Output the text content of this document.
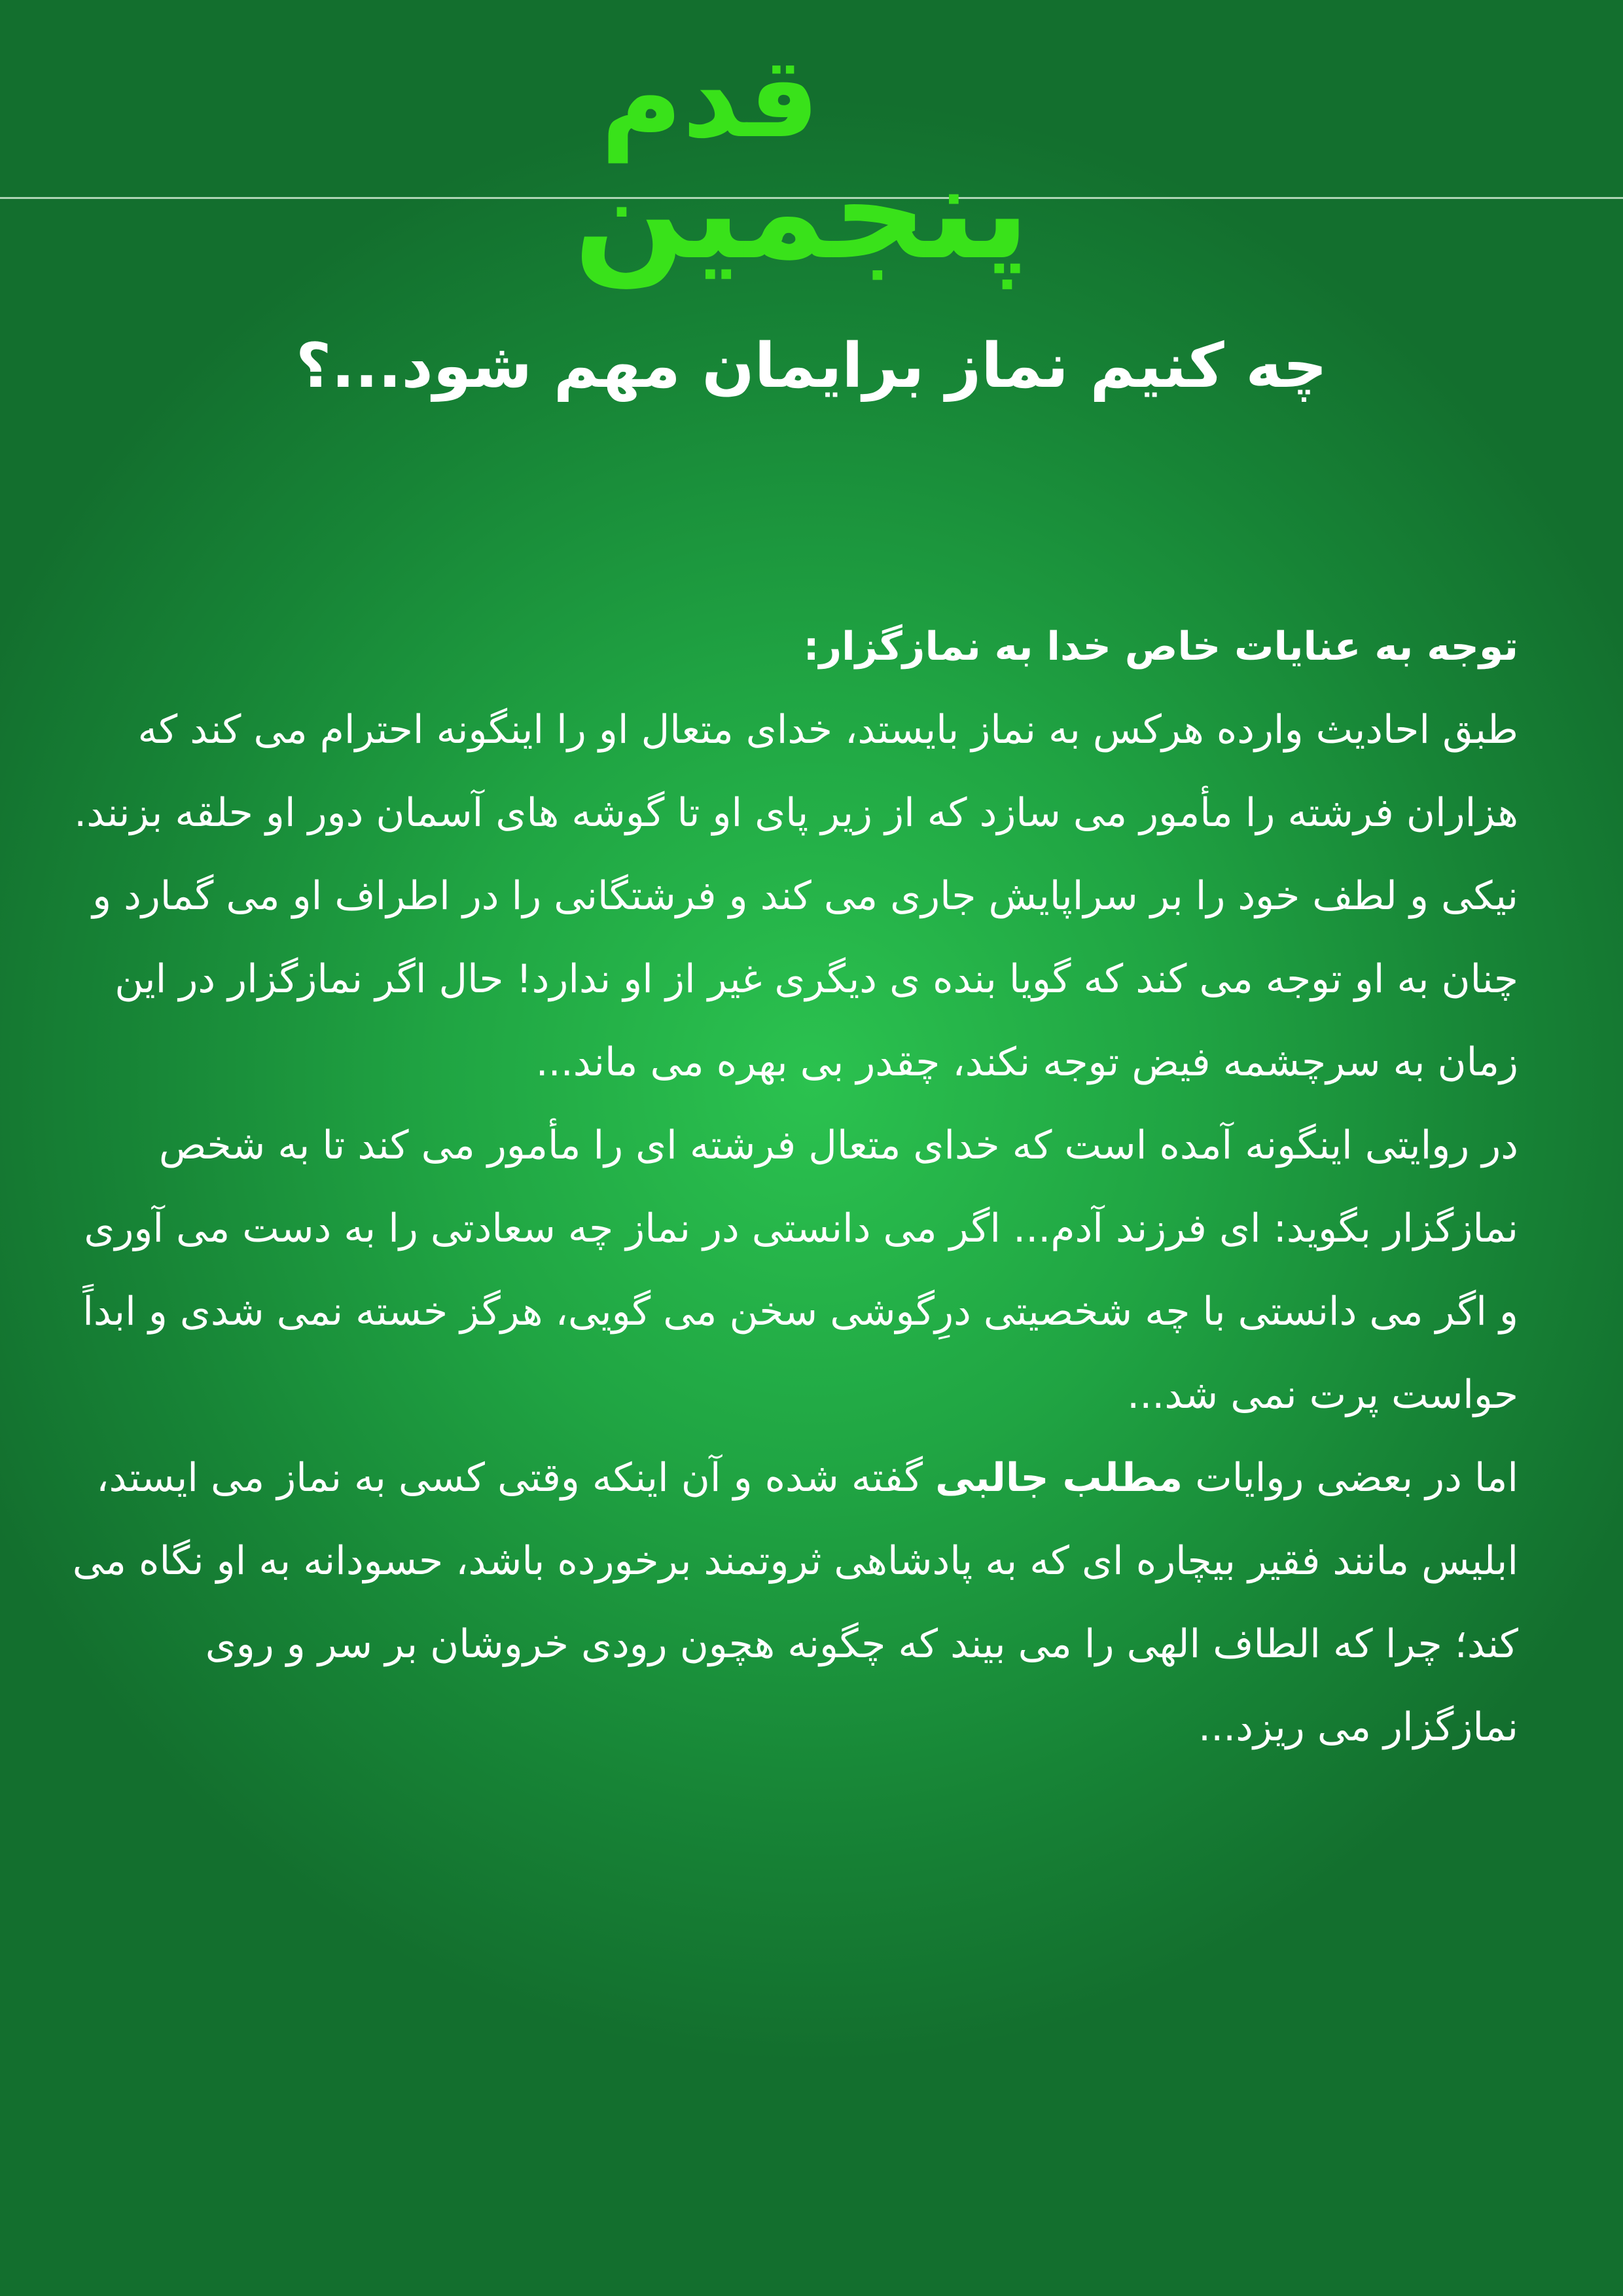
قدم
پنجمین
چه کنیم نماز برایمان مهم شود...؟
توجه به عنایات خاص خدا به نمازگزار:
طبق احادیث وارده هرکس به نماز بایستد، خدای متعال او را اینگونه احترام می کند که هزاران فرشته را مأمور می سازد که از زیر پای او تا گوشه های آسمان دور او حلقه بزنند. نیکی و لطف خود را بر سراپایش جاری می کند و فرشتگانی را در اطراف او می گمارد و چنان به او توجه می کند که گویا بنده ی دیگری غیر از او ندارد! حال اگر نمازگزار در این زمان به سرچشمه فیض توجه نکند، چقدر بی بهره می ماند...
در روایتی اینگونه آمده است که خدای متعال فرشته ای را مأمور می کند تا به شخص نمازگزار بگوید: ای فرزند آدم... اگر می دانستی در نماز چه سعادتی را به دست می آوری و اگر می دانستی با چه شخصیتی درِگوشی سخن می گویی، هرگز خسته نمی شدی و ابداً حواست پرت نمی شد...
اما در بعضی روایات مطلب جالبی گفته شده و آن اینکه وقتی کسی به نماز می ایستد، ابلیس مانند فقیر بیچاره ای که به پادشاهی ثروتمند برخورده باشد، حسودانه به او نگاه می کند؛ چرا که الطاف الهی را می بیند که چگونه هچون رودی خروشان بر سر و روی نمازگزار می ریزد...
